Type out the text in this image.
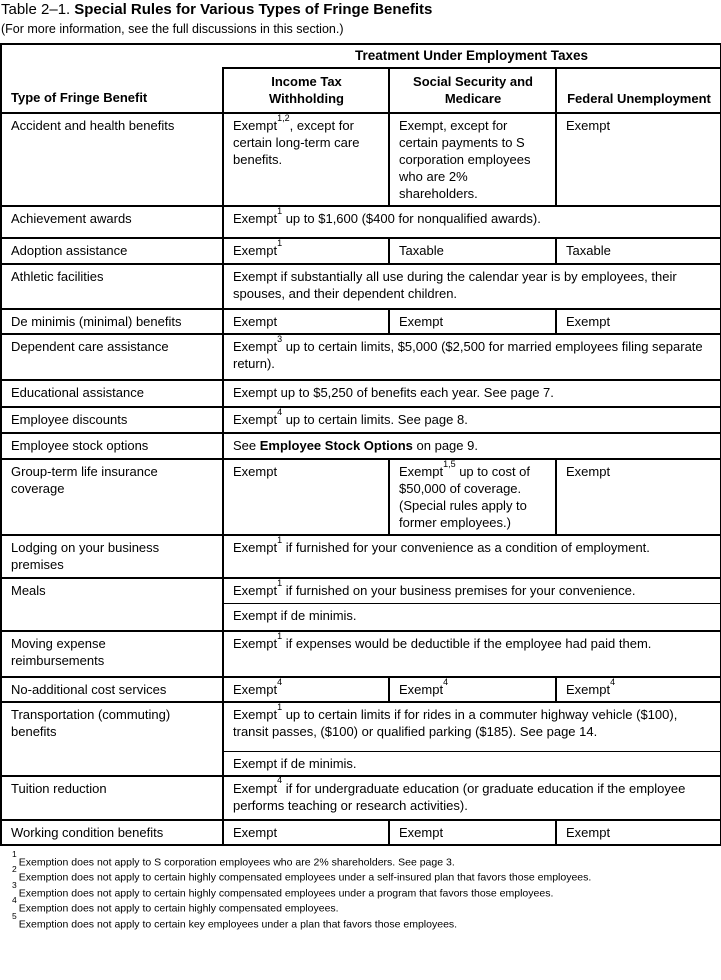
Table 2–1. Special Rules for Various Types of Fringe Benefits
(For more information, see the full discussions in this section.)
Type of Fringe Benefit	Treatment Under Employment Taxes		
	Income Tax Withholding	Social Security and Medicare	Federal Unemployment
Accident and health benefits	Exempt$^{1,2}$, except for certain long-term care benefits.	Exempt, except for certain payments to S corporation employees who are 2% shareholders.	Exempt
Achievement awards	Exempt$^1$ up to $1,600 ($400 for nonqualified awards).		
Adoption assistance	Exempt$^1$	Taxable	Taxable
Athletic facilities	Exempt if substantially all use during the calendar year is by employees, their spouses, and their dependent children.		
De minimis (minimal) benefits	Exempt	Exempt	Exempt
Dependent care assistance	Exempt$^3$ up to certain limits, $5,000 ($2,500 for married employees filing separate return).		
Educational assistance	Exempt up to $5,250 of benefits each year. See page 7.		
Employee discounts	Exempt$^4$ up to certain limits. See page 8.		
Employee stock options	See Employee Stock Options on page 9.		
Group-term life insurance coverage	Exempt	Exempt$^{1,5}$ up to cost of $50,000 of coverage. (Special rules apply to former employees.)	Exempt
Lodging on your business premises	Exempt$^1$ if furnished for your convenience as a condition of employment.		
Meals	Exempt$^1$ if furnished on your business premises for your convenience.		
	Exempt if de minimis.		
Moving expense reimbursements	Exempt$^1$ if expenses would be deductible if the employee had paid them.		
No-additional cost services	Exempt$^4$	Exempt$^4$	Exempt$^4$
Transportation (commuting) benefits	Exempt$^1$ up to certain limits if for rides in a commuter highway vehicle ($100), transit passes, ($100) or qualified parking ($185). See page 14.		
	Exempt if de minimis.		
Tuition reduction	Exempt$^4$ if for undergraduate education (or graduate education if the employee performs teaching or research activities).		
Working condition benefits	Exempt	Exempt	Exempt
$^1$Exemption does not apply to S corporation employees who are 2% shareholders. See page 3.
$^2$Exemption does not apply to certain highly compensated employees under a self-insured plan that favors those employees.
$^3$Exemption does not apply to certain highly compensated employees under a program that favors those employees.
$^4$Exemption does not apply to certain highly compensated employees.
$^5$Exemption does not apply to certain key employees under a plan that favors those employees.
